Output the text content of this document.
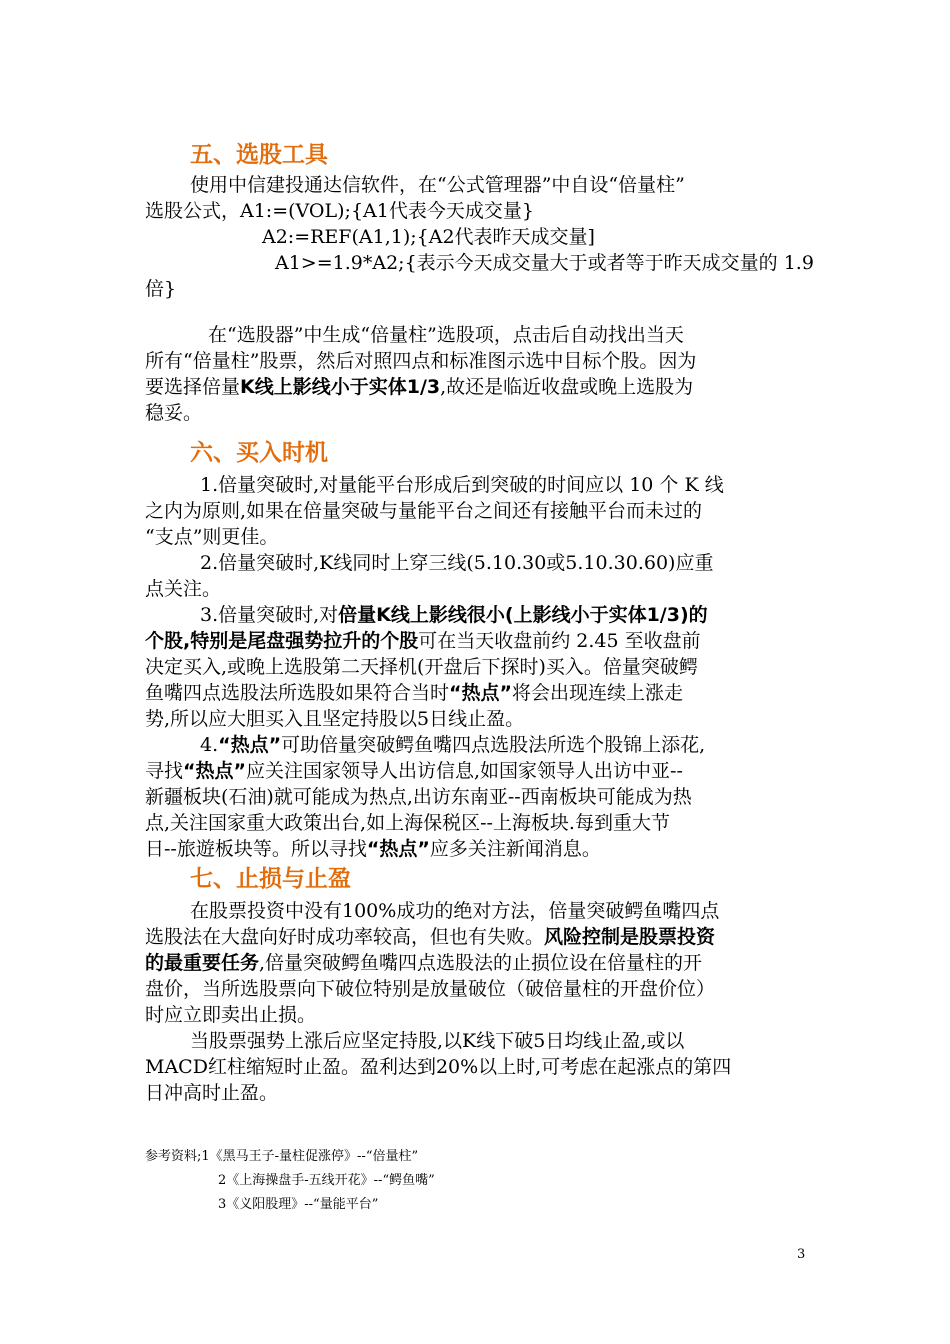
五、选股工具

使用中信建投通达信软件，在“公式管理器”中自设“倍量柱”

选股公式，A1:=(VOL);{A1代表今天成交量}

A2:=REF(A1,1);{A2代表昨天成交量]

A1>=1.9*A2;{表示今天成交量大于或者等于昨天成交量的 1.9

倍}

在“选股器”中生成“倍量柱”选股项，点击后自动找出当天

所有“倍量柱”股票，然后对照四点和标准图示选中目标个股。因为

要选择倍量K线上影线小于实体1/3,故还是临近收盘或晚上选股为

稳妥。

六、买入时机

1.倍量突破时,对量能平台形成后到突破的时间应以 10 个 K 线

之内为原则,如果在倍量突破与量能平台之间还有接触平台而未过的

“支点”则更佳。

2.倍量突破时,K线同时上穿三线(5.10.30或5.10.30.60)应重

点关注。

3.倍量突破时,对倍量K线上影线很小(上影线小于实体1/3)的

个股,特别是尾盘强势拉升的个股可在当天收盘前约 2.45 至收盘前

决定买入,或晚上选股第二天择机(开盘后下探时)买入。倍量突破鳄

鱼嘴四点选股法所选股如果符合当时“热点”将会出现连续上涨走

势,所以应大胆买入且坚定持股以5日线止盈。

4.“热点”可助倍量突破鳄鱼嘴四点选股法所选个股锦上添花,

寻找“热点”应关注国家领导人出访信息,如国家领导人出访中亚--

新疆板块(石油)就可能成为热点,出访东南亚--西南板块可能成为热

点,关注国家重大政策出台,如上海保税区--上海板块.每到重大节

日--旅遊板块等。所以寻找“热点”应多关注新闻消息。

七、止损与止盈

在股票投资中没有100%成功的绝对方法，倍量突破鳄鱼嘴四点

选股法在大盘向好时成功率较高，但也有失败。风险控制是股票投资

的最重要任务,倍量突破鳄鱼嘴四点选股法的止损位设在倍量柱的开

盘价，当所选股票向下破位特别是放量破位（破倍量柱的开盘价位）

时应立即卖出止损。

当股票强势上涨后应坚定持股,以K线下破5日均线止盈,或以

MACD红柱缩短时止盈。盈利达到20%以上时,可考虑在起涨点的第四

日冲高时止盈。

参考资料;1《黑马王子-量柱促涨停》--“倍量柱”

2《上海操盘手-五线开花》--“鳄鱼嘴”

3《义阳股理》--“量能平台”

3
